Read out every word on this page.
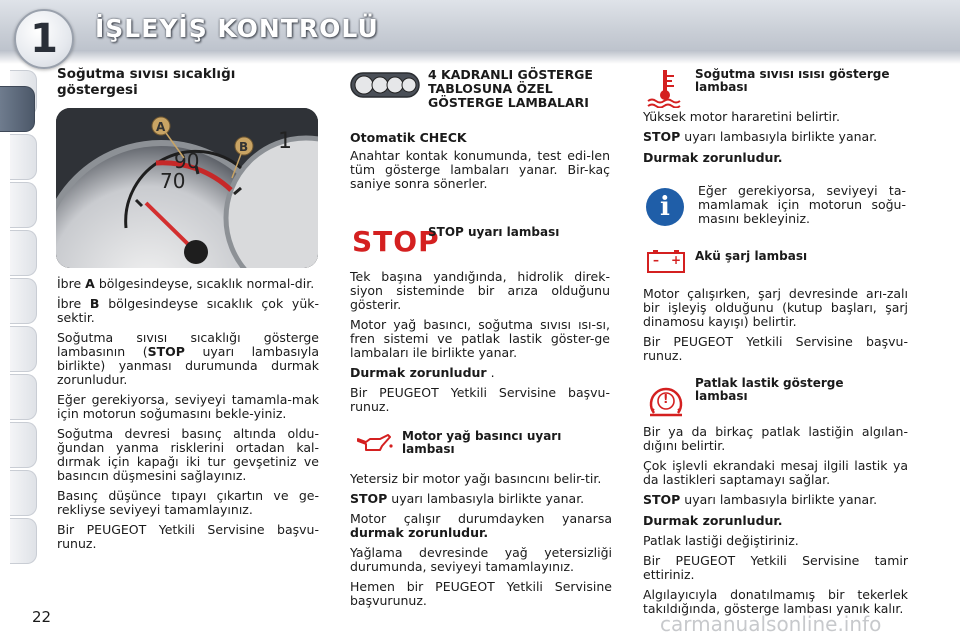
1	İŞLEYİŞ KONTROLÜ
Soğutma sıvısı sıcaklığı göstergesi
70
90
1
A
B

İbre A bölgesindeyse, sıcaklık normal-dir.

İbre B bölgesindeyse sıcaklık çok yük-sektir.

Soğutma sıvısı sıcaklığı gösterge lambasının (STOP uyarı lambasıyla birlikte) yanması durumunda durmak zorunludur.

Eğer gerekiyorsa, seviyeyi tamamla-mak için motorun soğumasını bekle-yiniz.

Soğutma devresi basınç altında oldu-ğundan yanma risklerini ortadan kal-dırmak için kapağı iki tur gevşetiniz ve basıncın düşmesini sağlayınız.

Basınç düşünce tıpayı çıkartın ve ge-rekliyse seviyeyi tamamlayınız.

Bir PEUGEOT Yetkili Servisine başvu-runuz.

4 KADRANLI GÖSTERGE TABLOSUNA ÖZEL GÖSTERGE LAMBALARI

Otomatik CHECK

Anahtar kontak konumunda, test edi-len tüm gösterge lambaları yanar. Bir-kaç saniye sonra sönerler.

STOP
STOP uyarı lambası

Tek başına yandığında, hidrolik direk-siyon sisteminde bir arıza olduğunu gösterir.

Motor yağ basıncı, soğutma sıvısı ısı-sı, fren sistemi ve patlak lastik göster-ge lambaları ile birlikte yanar.

Durmak zorunludur .

Bir PEUGEOT Yetkili Servisine başvu-runuz.

Motor yağ basıncı uyarı lambası

Yetersiz bir motor yağı basıncını belir-tir.

STOP uyarı lambasıyla birlikte yanar.

Motor çalışır durumdayken yanarsa durmak zorunludur.

Yağlama devresinde yağ yetersizliği durumunda, seviyeyi tamamlayınız.

Hemen bir PEUGEOT Yetkili Servisine başvurunuz.

Soğutma sıvısı ısısı gösterge lambası

Yüksek motor hararetini belirtir.

STOP uyarı lambasıyla birlikte yanar.

Durmak zorunludur.

i
Eğer gerekiyorsa, seviyeyi ta-mamlamak için motorun soğu-masını bekleyiniz.
– + Akü şarj lambası

Motor çalışırken, şarj devresinde arı-zalı bir işleyiş olduğunu (kutup başları, şarj dinamosu kayışı) belirtir.

Bir PEUGEOT Yetkili Servisine başvu-runuz.

!
Patlak lastik gösterge lambası

Bir ya da birkaç patlak lastiğin algılan-dığını belirtir.

Çok işlevli ekrandaki mesaj ilgili lastik ya da lastikleri saptamayı sağlar.

STOP uyarı lambasıyla birlikte yanar.

Durmak zorunludur.

Patlak lastiği değiştiriniz.

Bir PEUGEOT Yetkili Servisine tamir ettiriniz.

Algılayıcıyla donatılmamış bir tekerlek takıldığında, gösterge lambası yanık kalır.

22	carmanualsonline.info
